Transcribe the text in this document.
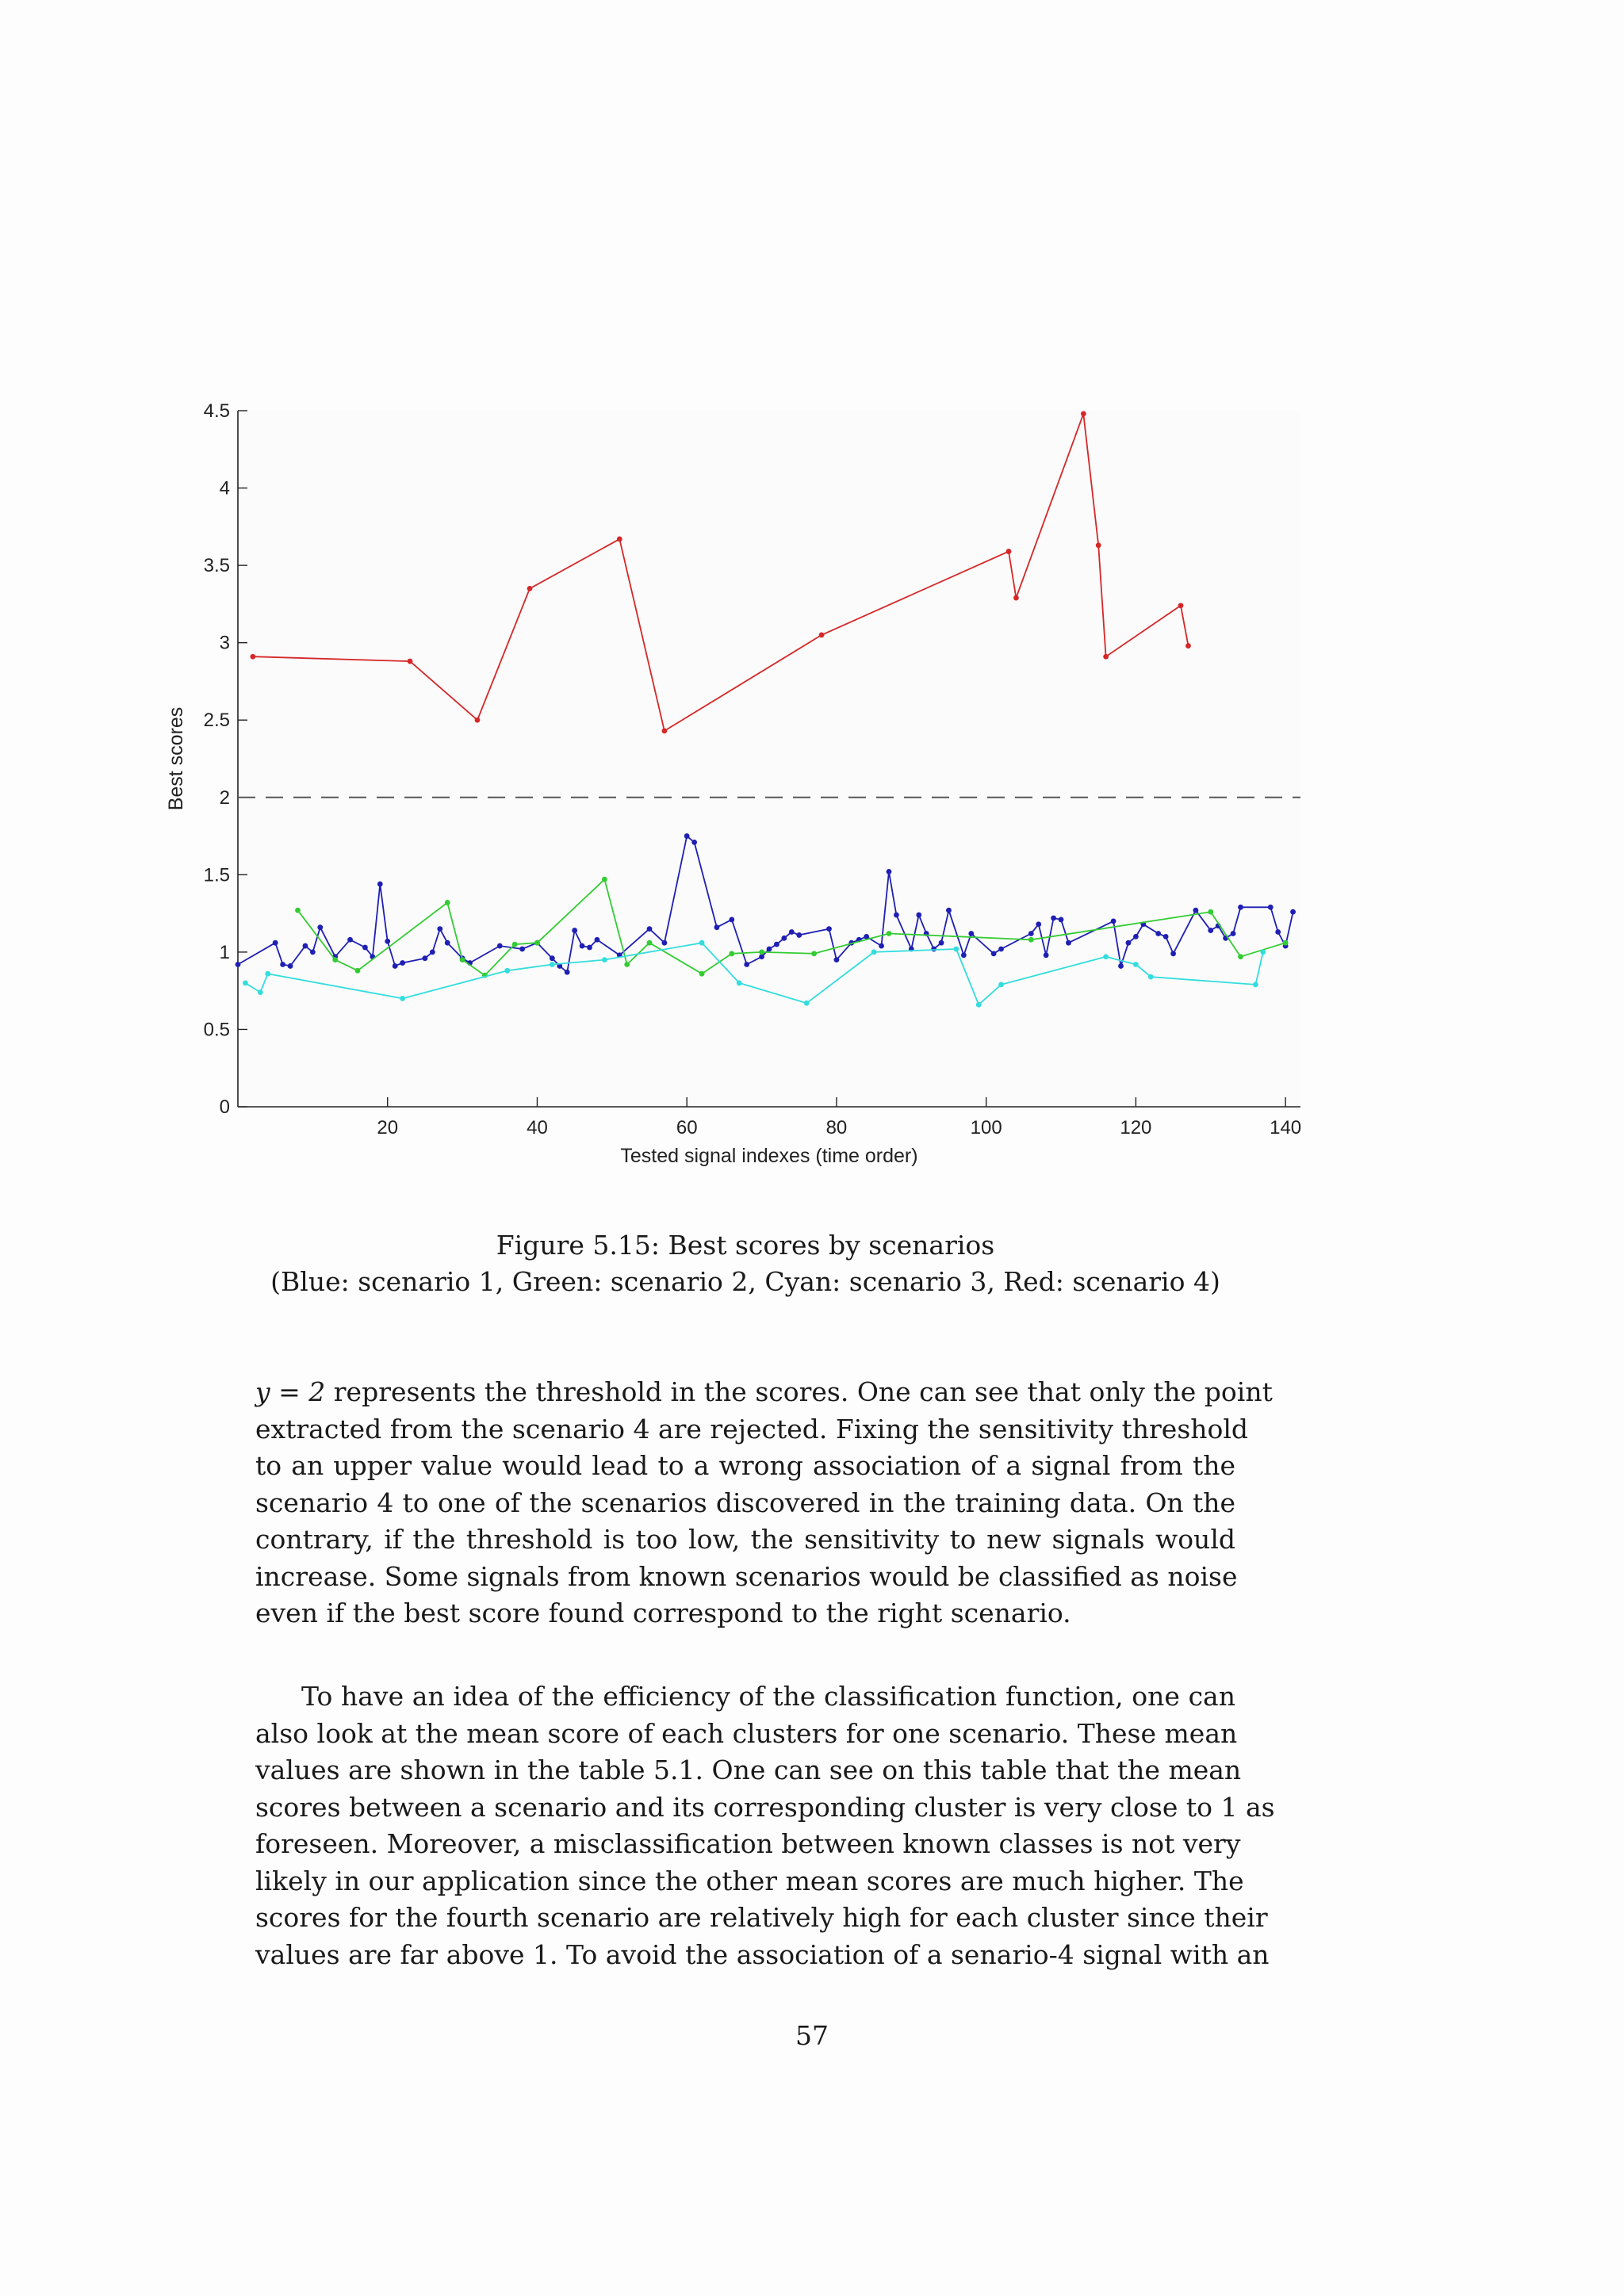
0
0.5
1
1.5
2
2.5
3
3.5
4
4.5
20	40	60	80	100	120	140
Tested signal indexes (time order)
Best scores
Figure 5.15: Best scores by scenarios
(Blue: scenario 1, Green: scenario 2, Cyan: scenario 3, Red: scenario 4)
y = 2 represents the threshold in the scores. One can see that only the point
extracted from the scenario 4 are rejected. Fixing the sensitivity threshold
to an upper value would lead to a wrong association of a signal from the
scenario 4 to one of the scenarios discovered in the training data. On the
contrary, if the threshold is too low, the sensitivity to new signals would
increase. Some signals from known scenarios would be classified as noise
even if the best score found correspond to the right scenario.
To have an idea of the efficiency of the classification function, one can
also look at the mean score of each clusters for one scenario. These mean
values are shown in the table 5.1. One can see on this table that the mean
scores between a scenario and its corresponding cluster is very close to 1 as
foreseen. Moreover, a misclassification between known classes is not very
likely in our application since the other mean scores are much higher. The
scores for the fourth scenario are relatively high for each cluster since their
values are far above 1. To avoid the association of a senario-4 signal with an
57
